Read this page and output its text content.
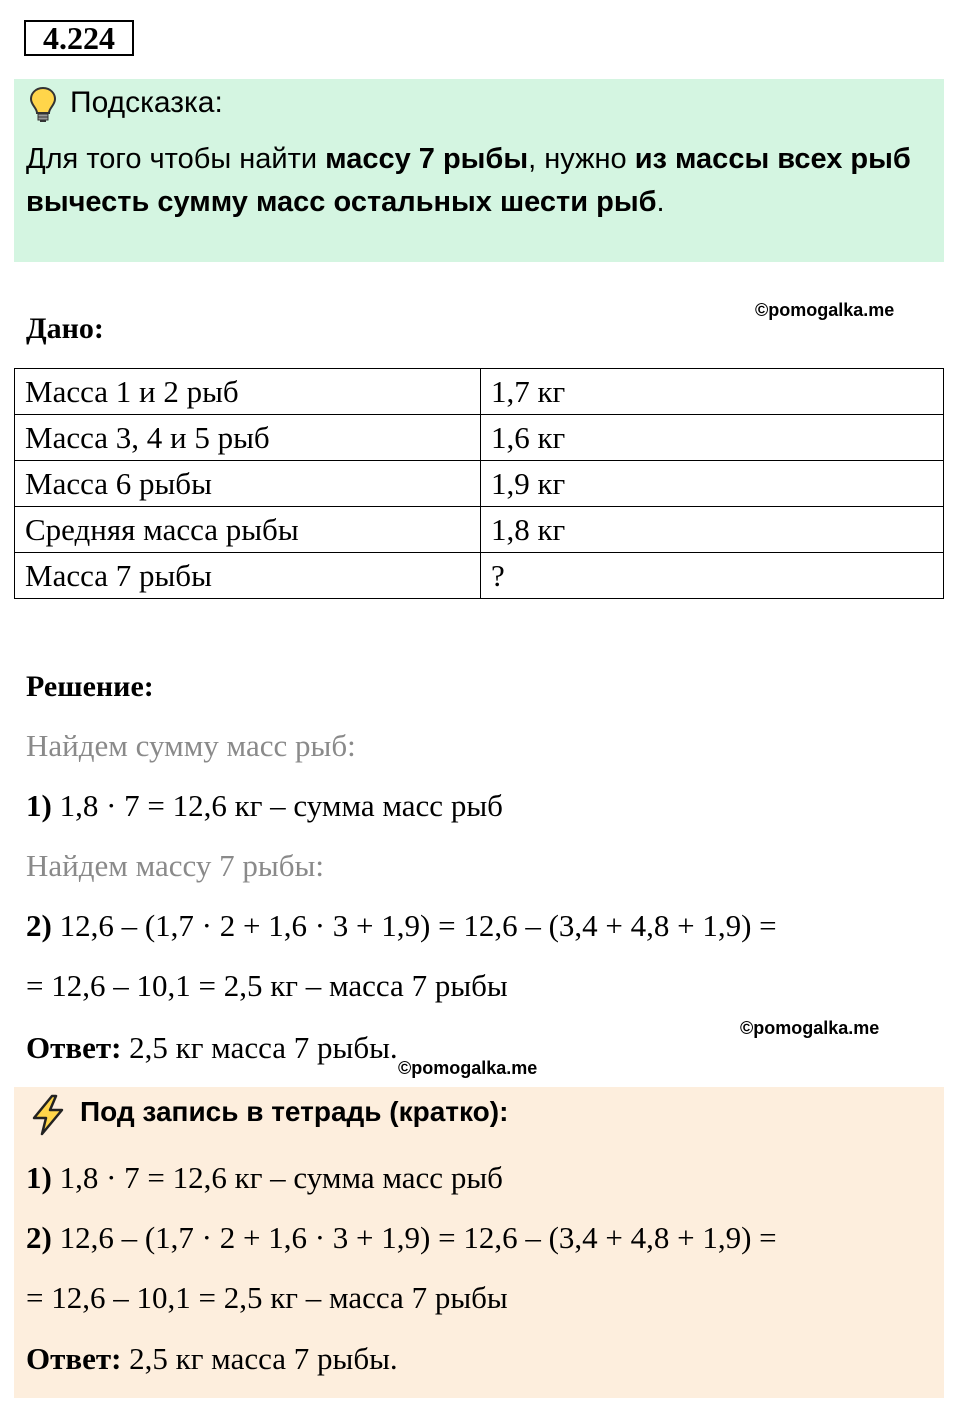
4.224
Подсказка:
Для того чтобы найти массу 7 рыбы, нужно из массы всех рыб вычесть сумму масс остальных шести рыб.
Дано:
©pomogalka.me
Масса 1 и 2 рыб	1,7 кг
Масса 3, 4 и 5 рыб	1,6 кг
Масса 6 рыбы	1,9 кг
Средняя масса рыбы	1,8 кг
Масса 7 рыбы	?
Решение:
Найдем сумму масс рыб:
1) 1,8 · 7 = 12,6 кг – сумма масс рыб
Найдем массу 7 рыбы:
2) 12,6 – (1,7 · 2 + 1,6 · 3 + 1,9) = 12,6 – (3,4 + 4,8 + 1,9) =
= 12,6 – 10,1 = 2,5 кг – масса 7 рыбы
Ответ: 2,5 кг масса 7 рыбы.
©pomogalka.me
©pomogalka.me
Под запись в тетрадь (кратко):
1) 1,8 · 7 = 12,6 кг – сумма масс рыб
2) 12,6 – (1,7 · 2 + 1,6 · 3 + 1,9) = 12,6 – (3,4 + 4,8 + 1,9) =
= 12,6 – 10,1 = 2,5 кг – масса 7 рыбы
Ответ: 2,5 кг масса 7 рыбы.
